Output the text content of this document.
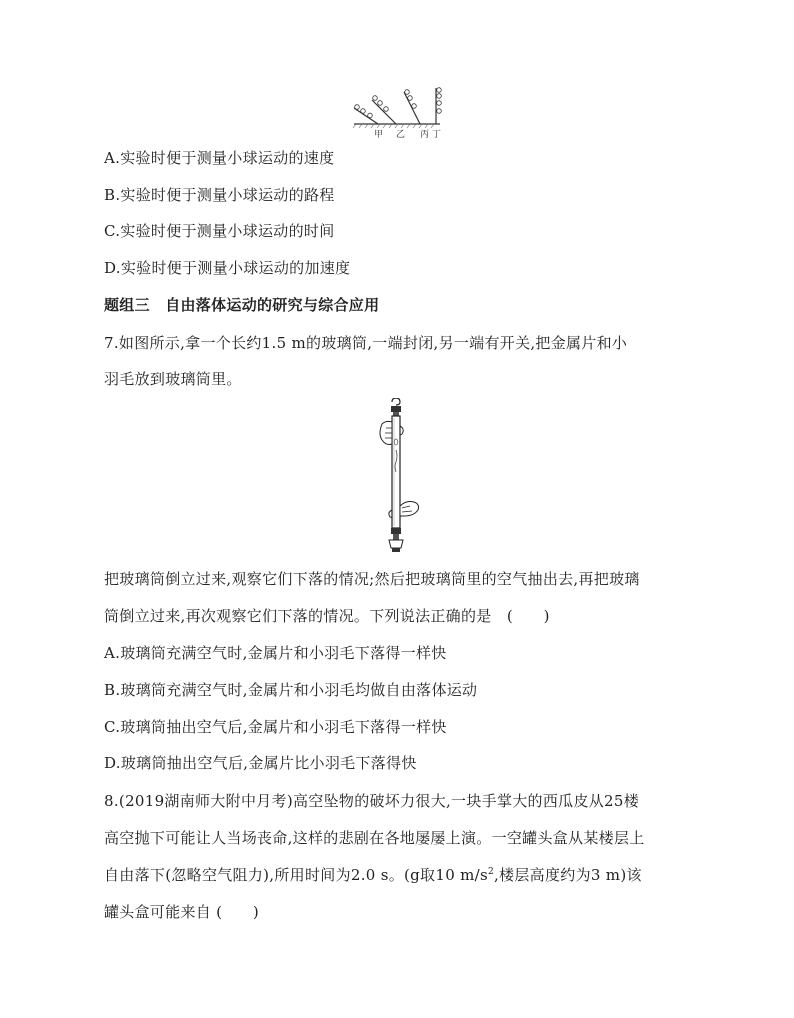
甲 乙 丙 丁
A.实验时便于测量小球运动的速度
B.实验时便于测量小球运动的路程
C.实验时便于测量小球运动的时间
D.实验时便于测量小球运动的加速度
题组三　自由落体运动的研究与综合应用
7.如图所示,拿一个长约1.5 m的玻璃筒,一端封闭,另一端有开关,把金属片和小
羽毛放到玻璃筒里。
把玻璃筒倒立过来,观察它们下落的情况;然后把玻璃筒里的空气抽出去,再把玻璃
筒倒立过来,再次观察它们下落的情况。下列说法正确的是　(　　)
A.玻璃筒充满空气时,金属片和小羽毛下落得一样快
B.玻璃筒充满空气时,金属片和小羽毛均做自由落体运动
C.玻璃筒抽出空气后,金属片和小羽毛下落得一样快
D.玻璃筒抽出空气后,金属片比小羽毛下落得快
8.(2019湖南师大附中月考)高空坠物的破坏力很大,一块手掌大的西瓜皮从25楼
高空抛下可能让人当场丧命,这样的悲剧在各地屡屡上演。一空罐头盒从某楼层上
自由落下(忽略空气阻力),所用时间为2.0 s。(g取10 $m/s^2$,楼层高度约为3 m)该
罐头盒可能来自 (　　)
